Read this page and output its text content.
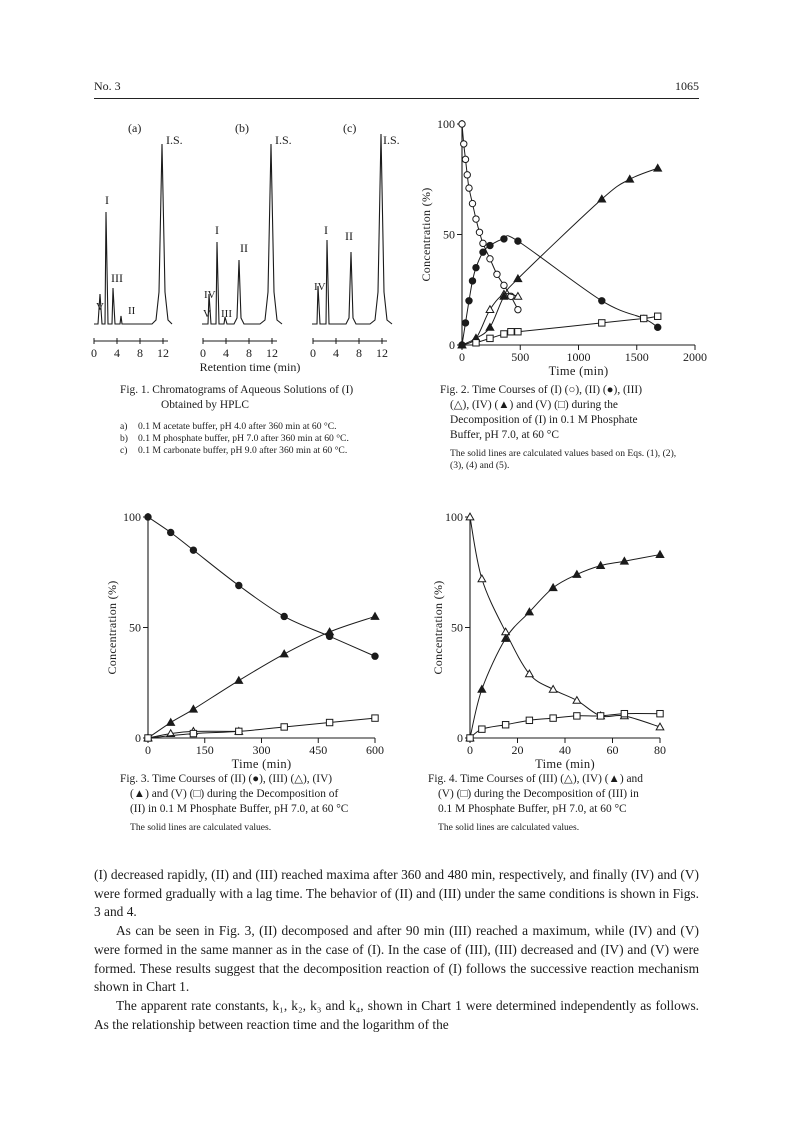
No. 3	1065
(a)	(b)	(c)
I.S.
I
III
V II
I.S.
I
II
IV
V III
I.S.
I II
IV
0 4 8 12	0 4 8 12	0 4 8 12
Retention time (min)
Fig. 1. Chromatograms of Aqueous Solutions of (I) Obtained by HPLC
a)	0.1 M acetate buffer, pH 4.0 after 360 min at 60 °C.
b)	0.1 M phosphate buffer, pH 7.0 after 360 min at 60 °C.
c)	0.1 M carbonate buffer, pH 9.0 after 360 min at 60 °C.
0	500	1000	1500	2000
0
50
100
Time (min)
Concentration (%)
Fig. 2. Time Courses of (I) (○), (II) (●), (III)
(△), (IV) (▲) and (V) (□) during the
Decomposition of (I) in 0.1 M Phosphate
Buffer, pH 7.0, at 60 °C
The solid lines are calculated values based on Eqs. (1), (2), (3), (4) and (5).
0	150	300	450	600
0
50
100
Time (min)
Concentration (%)
Fig. 3. Time Courses of (II) (●), (III) (△), (IV)
(▲) and (V) (□) during the Decomposition of
(II) in 0.1 M Phosphate Buffer, pH 7.0, at 60 °C
The solid lines are calculated values.
0	20	40	60	80
0
50
100
Time (min)
Concentration (%)
Fig. 4. Time Courses of (III) (△), (IV) (▲) and
(V) (□) during the Decomposition of (III) in
0.1 M Phosphate Buffer, pH 7.0, at 60 °C
The solid lines are calculated values.

(I) decreased rapidly, (II) and (III) reached maxima after 360 and 480 min, respectively, and finally (IV) and (V) were formed gradually with a lag time. The behavior of (II) and (III) under the same conditions is shown in Figs. 3 and 4.

As can be seen in Fig. 3, (II) decomposed and after 90 min (III) reached a maximum, while (IV) and (V) were formed in the same manner as in the case of (I). In the case of (III), (III) decreased and (IV) and (V) were formed. These results suggest that the decomposition reaction of (I) follows the successive reaction mechanism shown in Chart 1.

The apparent rate constants, k₁, k₂, k₃ and k₄, shown in Chart 1 were determined independently as follows. As the relationship between reaction time and the logarithm of the
